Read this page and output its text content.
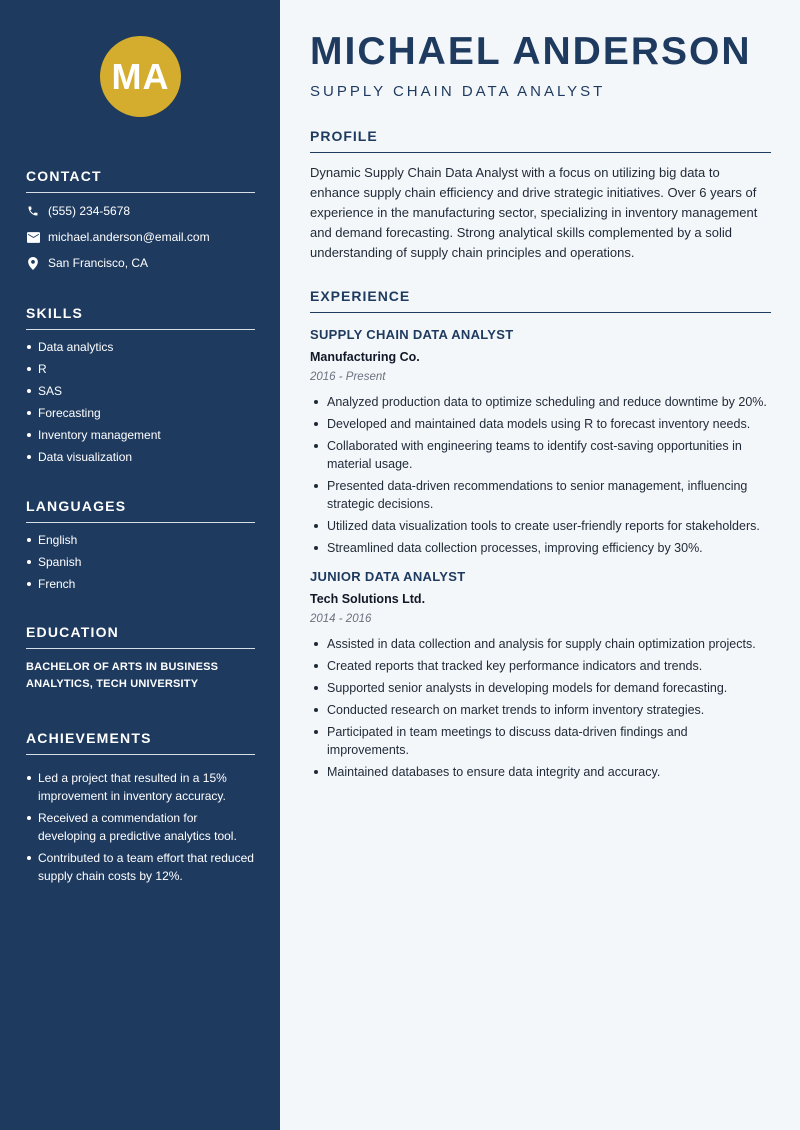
MA
CONTACT
(555) 234-5678
michael.anderson@email.com
San Francisco, CA
SKILLS
Data analytics
R
SAS
Forecasting
Inventory management
Data visualization
LANGUAGES
English
Spanish
French
EDUCATION
BACHELOR OF ARTS IN BUSINESS ANALYTICS, TECH UNIVERSITY
ACHIEVEMENTS
Led a project that resulted in a 15% improvement in inventory accuracy.
Received a commendation for developing a predictive analytics tool.
Contributed to a team effort that reduced supply chain costs by 12%.
MICHAEL ANDERSON
SUPPLY CHAIN DATA ANALYST
PROFILE
Dynamic Supply Chain Data Analyst with a focus on utilizing big data to enhance supply chain efficiency and drive strategic initiatives. Over 6 years of experience in the manufacturing sector, specializing in inventory management and demand forecasting. Strong analytical skills complemented by a solid understanding of supply chain principles and operations.
EXPERIENCE
SUPPLY CHAIN DATA ANALYST
Manufacturing Co.
2016 - Present
Analyzed production data to optimize scheduling and reduce downtime by 20%.
Developed and maintained data models using R to forecast inventory needs.
Collaborated with engineering teams to identify cost-saving opportunities in material usage.
Presented data-driven recommendations to senior management, influencing strategic decisions.
Utilized data visualization tools to create user-friendly reports for stakeholders.
Streamlined data collection processes, improving efficiency by 30%.
JUNIOR DATA ANALYST
Tech Solutions Ltd.
2014 - 2016
Assisted in data collection and analysis for supply chain optimization projects.
Created reports that tracked key performance indicators and trends.
Supported senior analysts in developing models for demand forecasting.
Conducted research on market trends to inform inventory strategies.
Participated in team meetings to discuss data-driven findings and improvements.
Maintained databases to ensure data integrity and accuracy.
